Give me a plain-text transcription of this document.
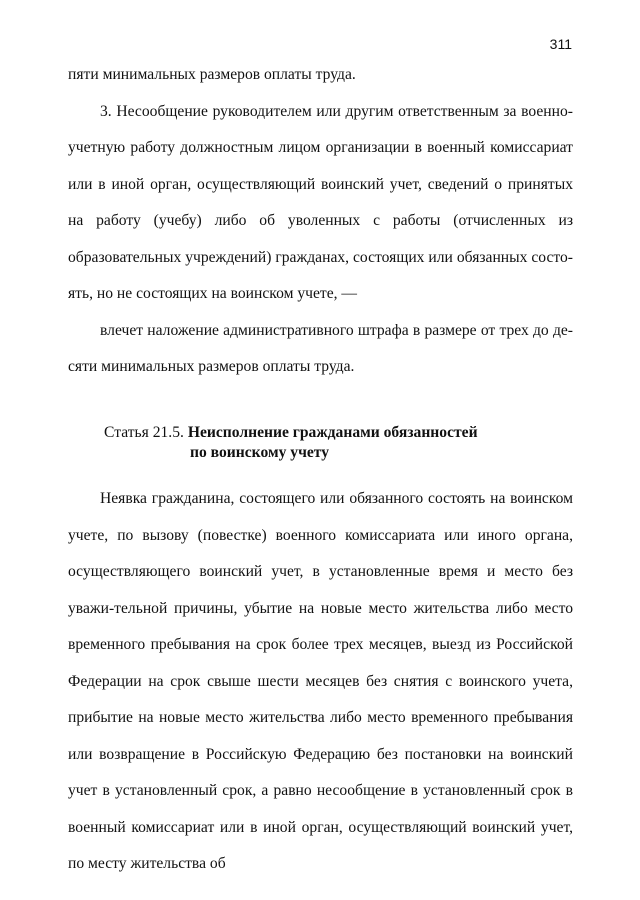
311

пяти минимальных размеров оплаты труда.

3. Несообщение руководителем или другим ответственным за военно-учетную работу должностным лицом организации в военный комиссариат или в иной орган, осуществляющий воинский учет, сведений о принятых на работу (учебу) либо об уволенных с работы (отчисленных из образовательных учреждений) гражданах, состоящих или обязанных состо-ять, но не состоящих на воинском учете, —

влечет наложение административного штрафа в размере от трех до де-сяти минимальных размеров оплаты труда.

Статья 21.5. Неисполнение гражданами обязанностей
по воинскому учету

Неявка гражданина, состоящего или обязанного состоять на воинском учете, по вызову (повестке) военного комиссариата или иного органа, осуществляющего воинский учет, в установленные время и место без уважи-тельной причины, убытие на новые место жительства либо место временного пребывания на срок более трех месяцев, выезд из Российской Федерации на срок свыше шести месяцев без снятия с воинского учета, прибытие на новые место жительства либо место временного пребывания или возвращение в Российскую Федерацию без постановки на воинский учет в установленный срок, а равно несообщение в установленный срок в военный комиссариат или в иной орган, осуществляющий воинский учет, по месту жительства об
